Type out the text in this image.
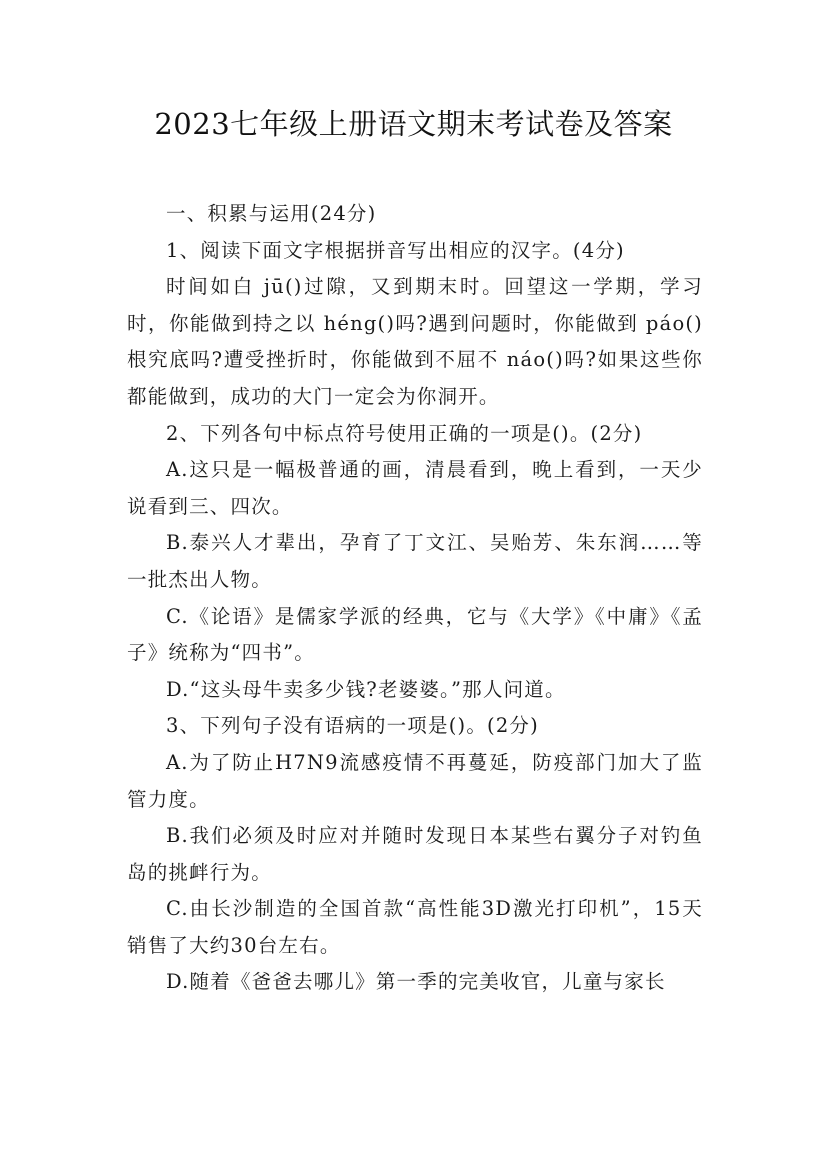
2023七年级上册语文期末考试卷及答案

一、积累与运用(24分)

1、阅读下面文字根据拼音写出相应的汉字。(4分)

时间如白 jū()过隙，又到期末时。回望这一学期，学习时，你能做到持之以 héng()吗?遇到问题时，你能做到 páo()根究底吗?遭受挫折时，你能做到不屈不 náo()吗?如果这些你都能做到，成功的大门一定会为你洞开。

2、下列各句中标点符号使用正确的一项是()。(2分)

A.这只是一幅极普通的画，清晨看到，晚上看到，一天少说看到三、四次。

B.泰兴人才辈出，孕育了丁文江、吴贻芳、朱东润……等一批杰出人物。

C.《论语》是儒家学派的经典，它与《大学》《中庸》《孟子》统称为“四书”。

D.“这头母牛卖多少钱?老婆婆。”那人问道。

3、下列句子没有语病的一项是()。(2分)

A.为了防止H7N9流感疫情不再蔓延，防疫部门加大了监管力度。

B.我们必须及时应对并随时发现日本某些右翼分子对钓鱼岛的挑衅行为。

C.由长沙制造的全国首款“高性能3D激光打印机”，15天销售了大约30台左右。

D.随着《爸爸去哪儿》第一季的完美收官，儿童与家长
